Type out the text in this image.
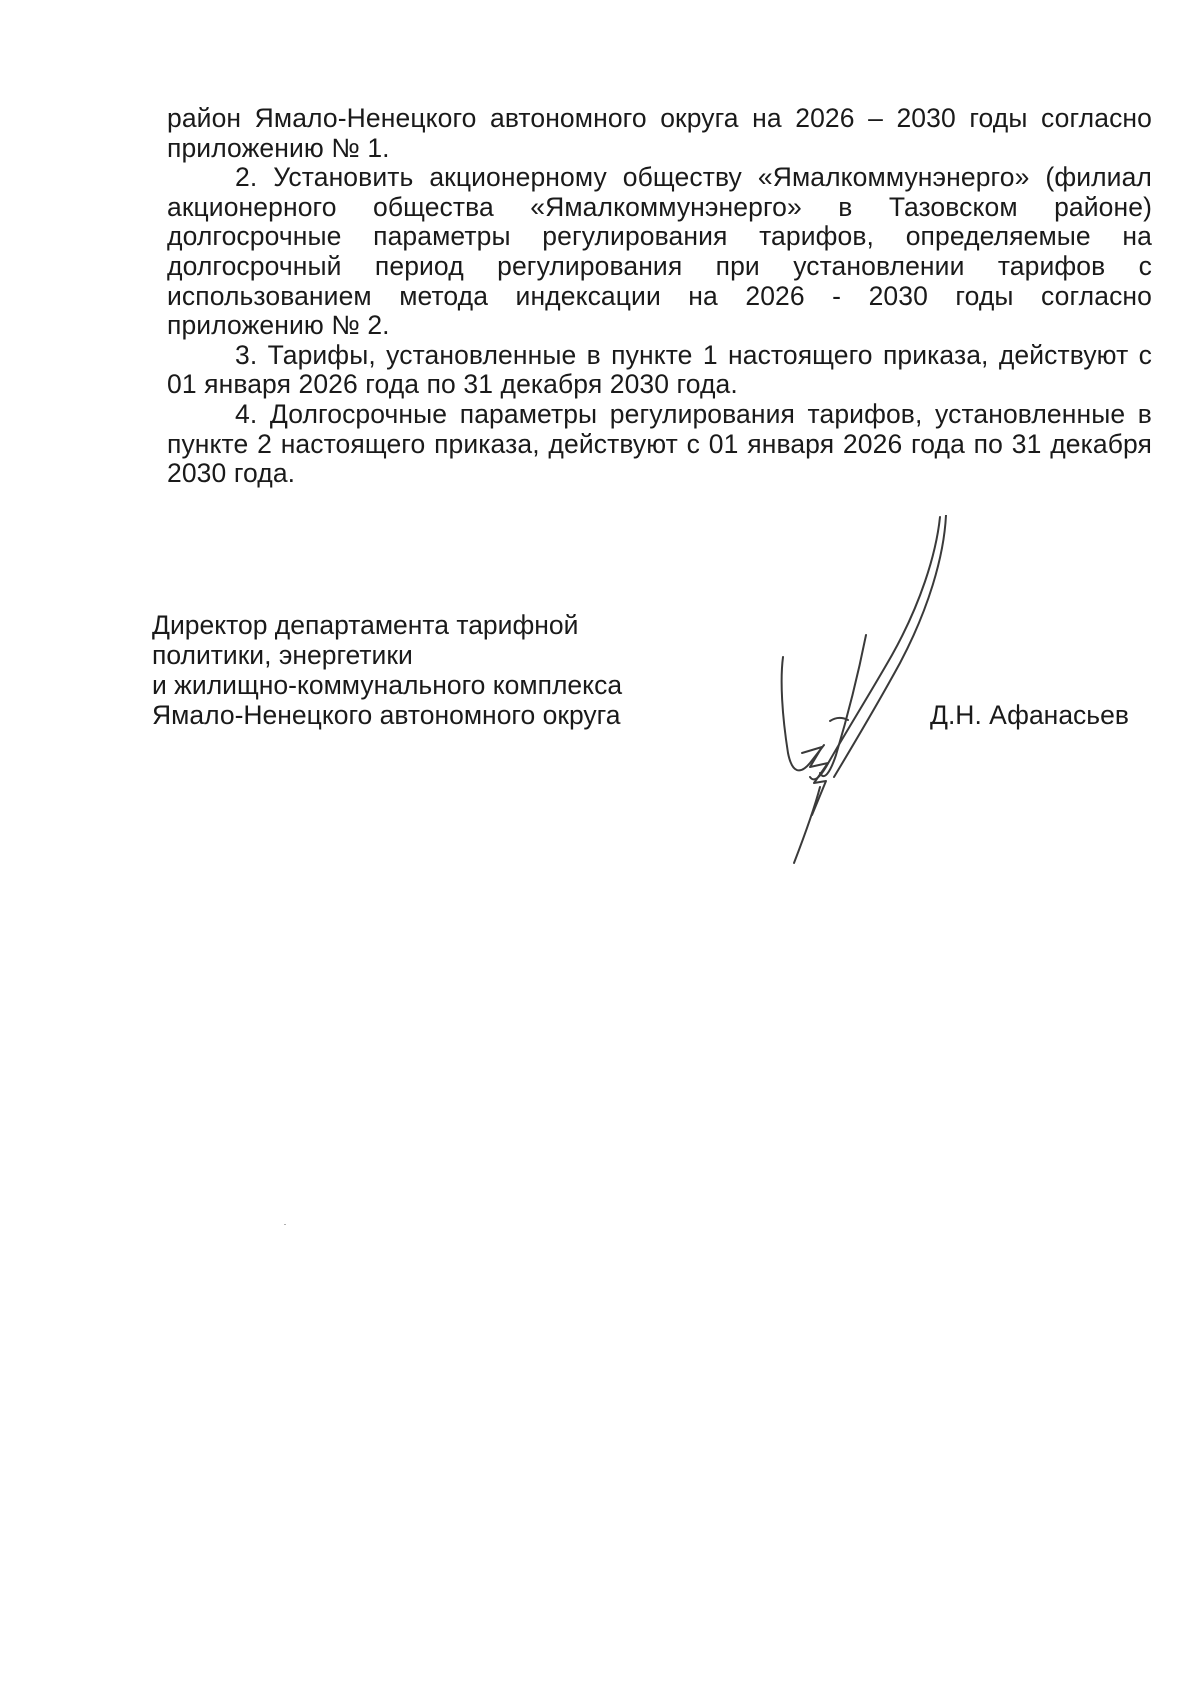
район Ямало-Ненецкого автономного округа на 2026 – 2030 годы согласно приложению № 1.

2. Установить акционерному обществу «Ямалкоммунэнерго» (филиал акционерного общества «Ямалкоммунэнерго» в Тазовском районе) долгосрочные параметры регулирования тарифов, определяемые на долгосрочный период регулирования при установлении тарифов с использованием метода индексации на 2026 - 2030 годы согласно приложению № 2.

3. Тарифы, установленные в пункте 1 настоящего приказа, действуют с 01 января 2026 года по 31 декабря 2030 года.

4. Долгосрочные параметры регулирования тарифов, установленные в пункте 2 настоящего приказа, действуют с 01 января 2026 года по 31 декабря 2030 года.

Директор департамента тарифной
политики, энергетики
и жилищно-коммунального комплекса
Ямало-Ненецкого автономного округа	Д.Н. Афанасьев
